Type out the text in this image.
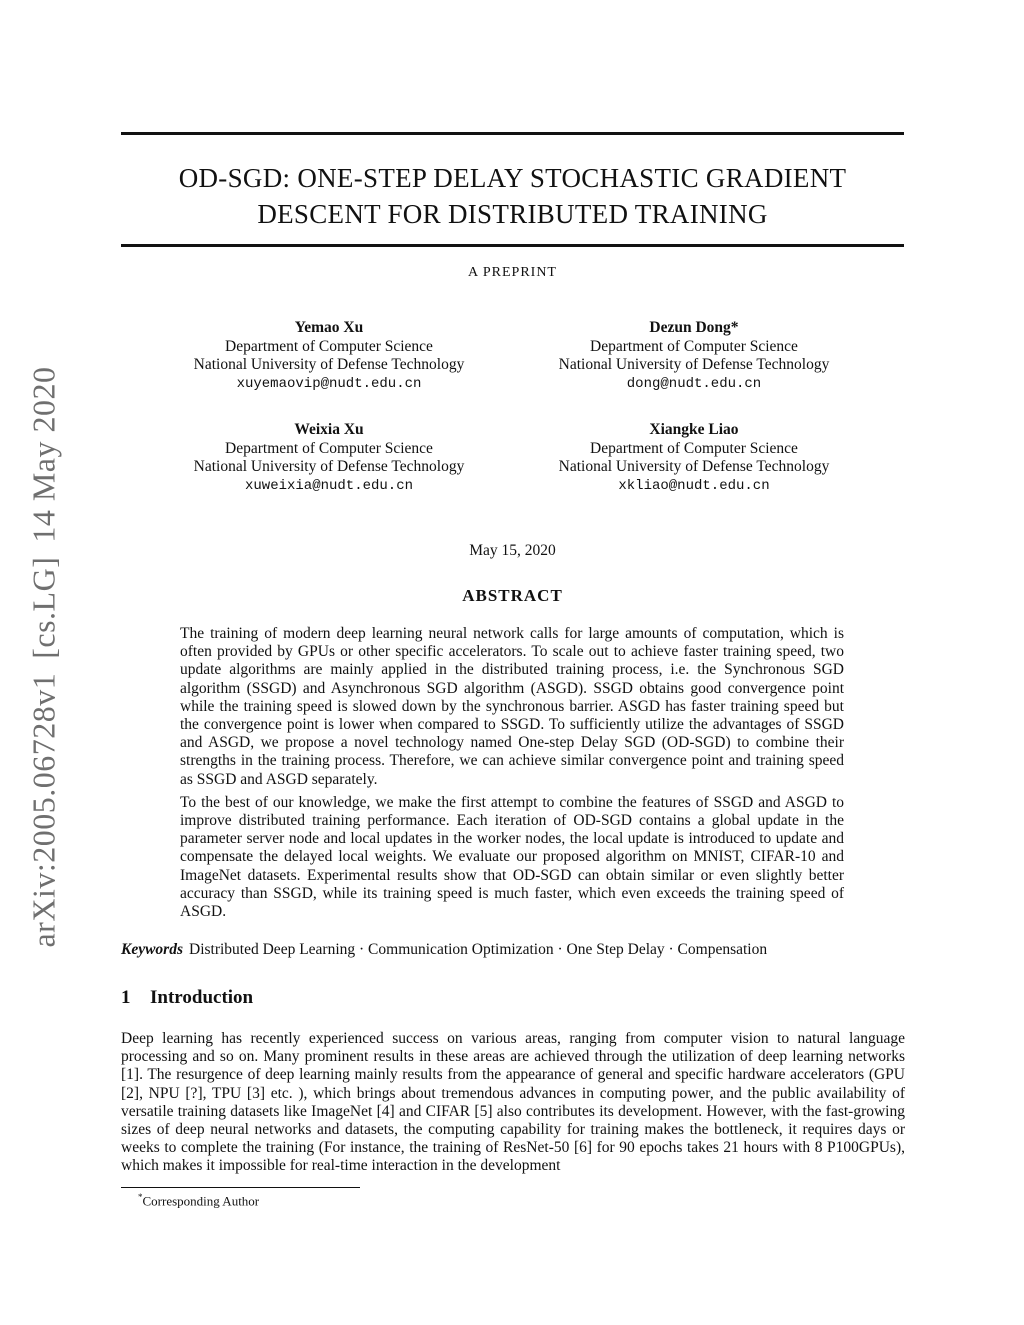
arXiv:2005.06728v1[cs.LG]14 May 2020
OD-SGD: ONE-STEP DELAY STOCHASTIC GRADIENT
DESCENT FOR DISTRIBUTED TRAINING
A PREPRINT
Yemao Xu
Department of Computer Science
National University of Defense Technology
xuyemaovip@nudt.edu.cn
Dezun Dong*
Department of Computer Science
National University of Defense Technology
dong@nudt.edu.cn
Weixia Xu
Department of Computer Science
National University of Defense Technology
xuweixia@nudt.edu.cn
Xiangke Liao
Department of Computer Science
National University of Defense Technology
xkliao@nudt.edu.cn
May 15, 2020
ABSTRACT

The training of modern deep learning neural network calls for large amounts of computation, which is often provided by GPUs or other specific accelerators. To scale out to achieve faster training speed, two update algorithms are mainly applied in the distributed training process, i.e. the Synchronous SGD algorithm (SSGD) and Asynchronous SGD algorithm (ASGD). SSGD obtains good convergence point while the training speed is slowed down by the synchronous barrier. ASGD has faster training speed but the convergence point is lower when compared to SSGD. To sufficiently utilize the advantages of SSGD and ASGD, we propose a novel technology named One-step Delay SGD (OD-SGD) to combine their strengths in the training process. Therefore, we can achieve similar convergence point and training speed as SSGD and ASGD separately.

To the best of our knowledge, we make the first attempt to combine the features of SSGD and ASGD to improve distributed training performance. Each iteration of OD-SGD contains a global update in the parameter server node and local updates in the worker nodes, the local update is introduced to update and compensate the delayed local weights. We evaluate our proposed algorithm on MNIST, CIFAR-10 and ImageNet datasets. Experimental results show that OD-SGD can obtain similar or even slightly better accuracy than SSGD, while its training speed is much faster, which even exceeds the training speed of ASGD.

Keywords Distributed Deep Learning · Communication Optimization · One Step Delay · Compensation
1 Introduction
Deep learning has recently experienced success on various areas, ranging from computer vision to natural language processing and so on. Many prominent results in these areas are achieved through the utilization of deep learning networks [1]. The resurgence of deep learning mainly results from the appearance of general and specific hardware accelerators (GPU [2], NPU [?], TPU [3] etc. ), which brings about tremendous advances in computing power, and the public availability of versatile training datasets like ImageNet [4] and CIFAR [5] also contributes its development. However, with the fast-growing sizes of deep neural networks and datasets, the computing capability for training makes the bottleneck, it requires days or weeks to complete the training (For instance, the training of ResNet-50 [6] for 90 epochs takes 21 hours with 8 P100GPUs), which makes it impossible for real-time interaction in the development
*Corresponding Author
